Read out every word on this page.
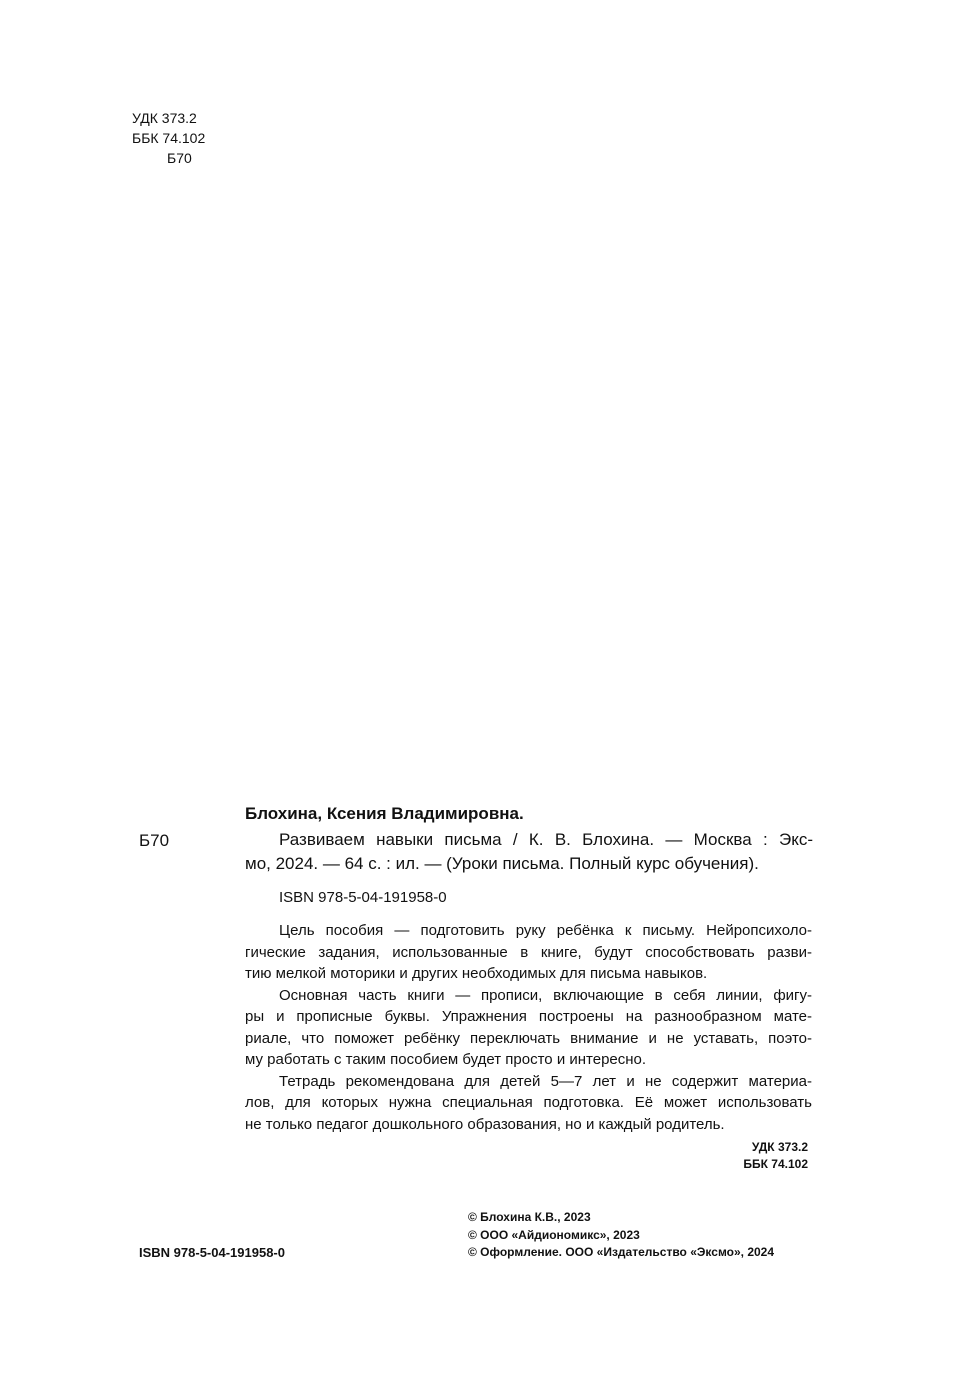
УДК 373.2
ББК 74.102
Б70
Блохина, Ксения Владимировна.
Б70	Развиваем навыки письма / К. В. Блохина. — Москва : Экс-
мо, 2024. — 64 с. : ил. — (Уроки письма. Полный курс обучения).
ISBN 978-5-04-191958-0
Цель пособия — подготовить руку ребёнка к письму. Нейропсихоло-
гические задания, использованные в книге, будут способствовать разви-
тию мелкой моторики и других необходимых для письма навыков.
Основная часть книги — прописи, включающие в себя линии, фигу-
ры и прописные буквы. Упражнения построены на разнообразном мате-
риале, что поможет ребёнку переключать внимание и не уставать, поэто-
му работать с таким пособием будет просто и интересно.
Тетрадь рекомендована для детей 5—7 лет и не содержит материа-
лов, для которых нужна специальная подготовка. Её может использовать
не только педагог дошкольного образования, но и каждый родитель.
УДК 373.2
ББК 74.102
© Блохина К.В., 2023
© ООО «Айдиономикс», 2023
© Оформление. ООО «Издательство «Эксмо», 2024
ISBN 978-5-04-191958-0
